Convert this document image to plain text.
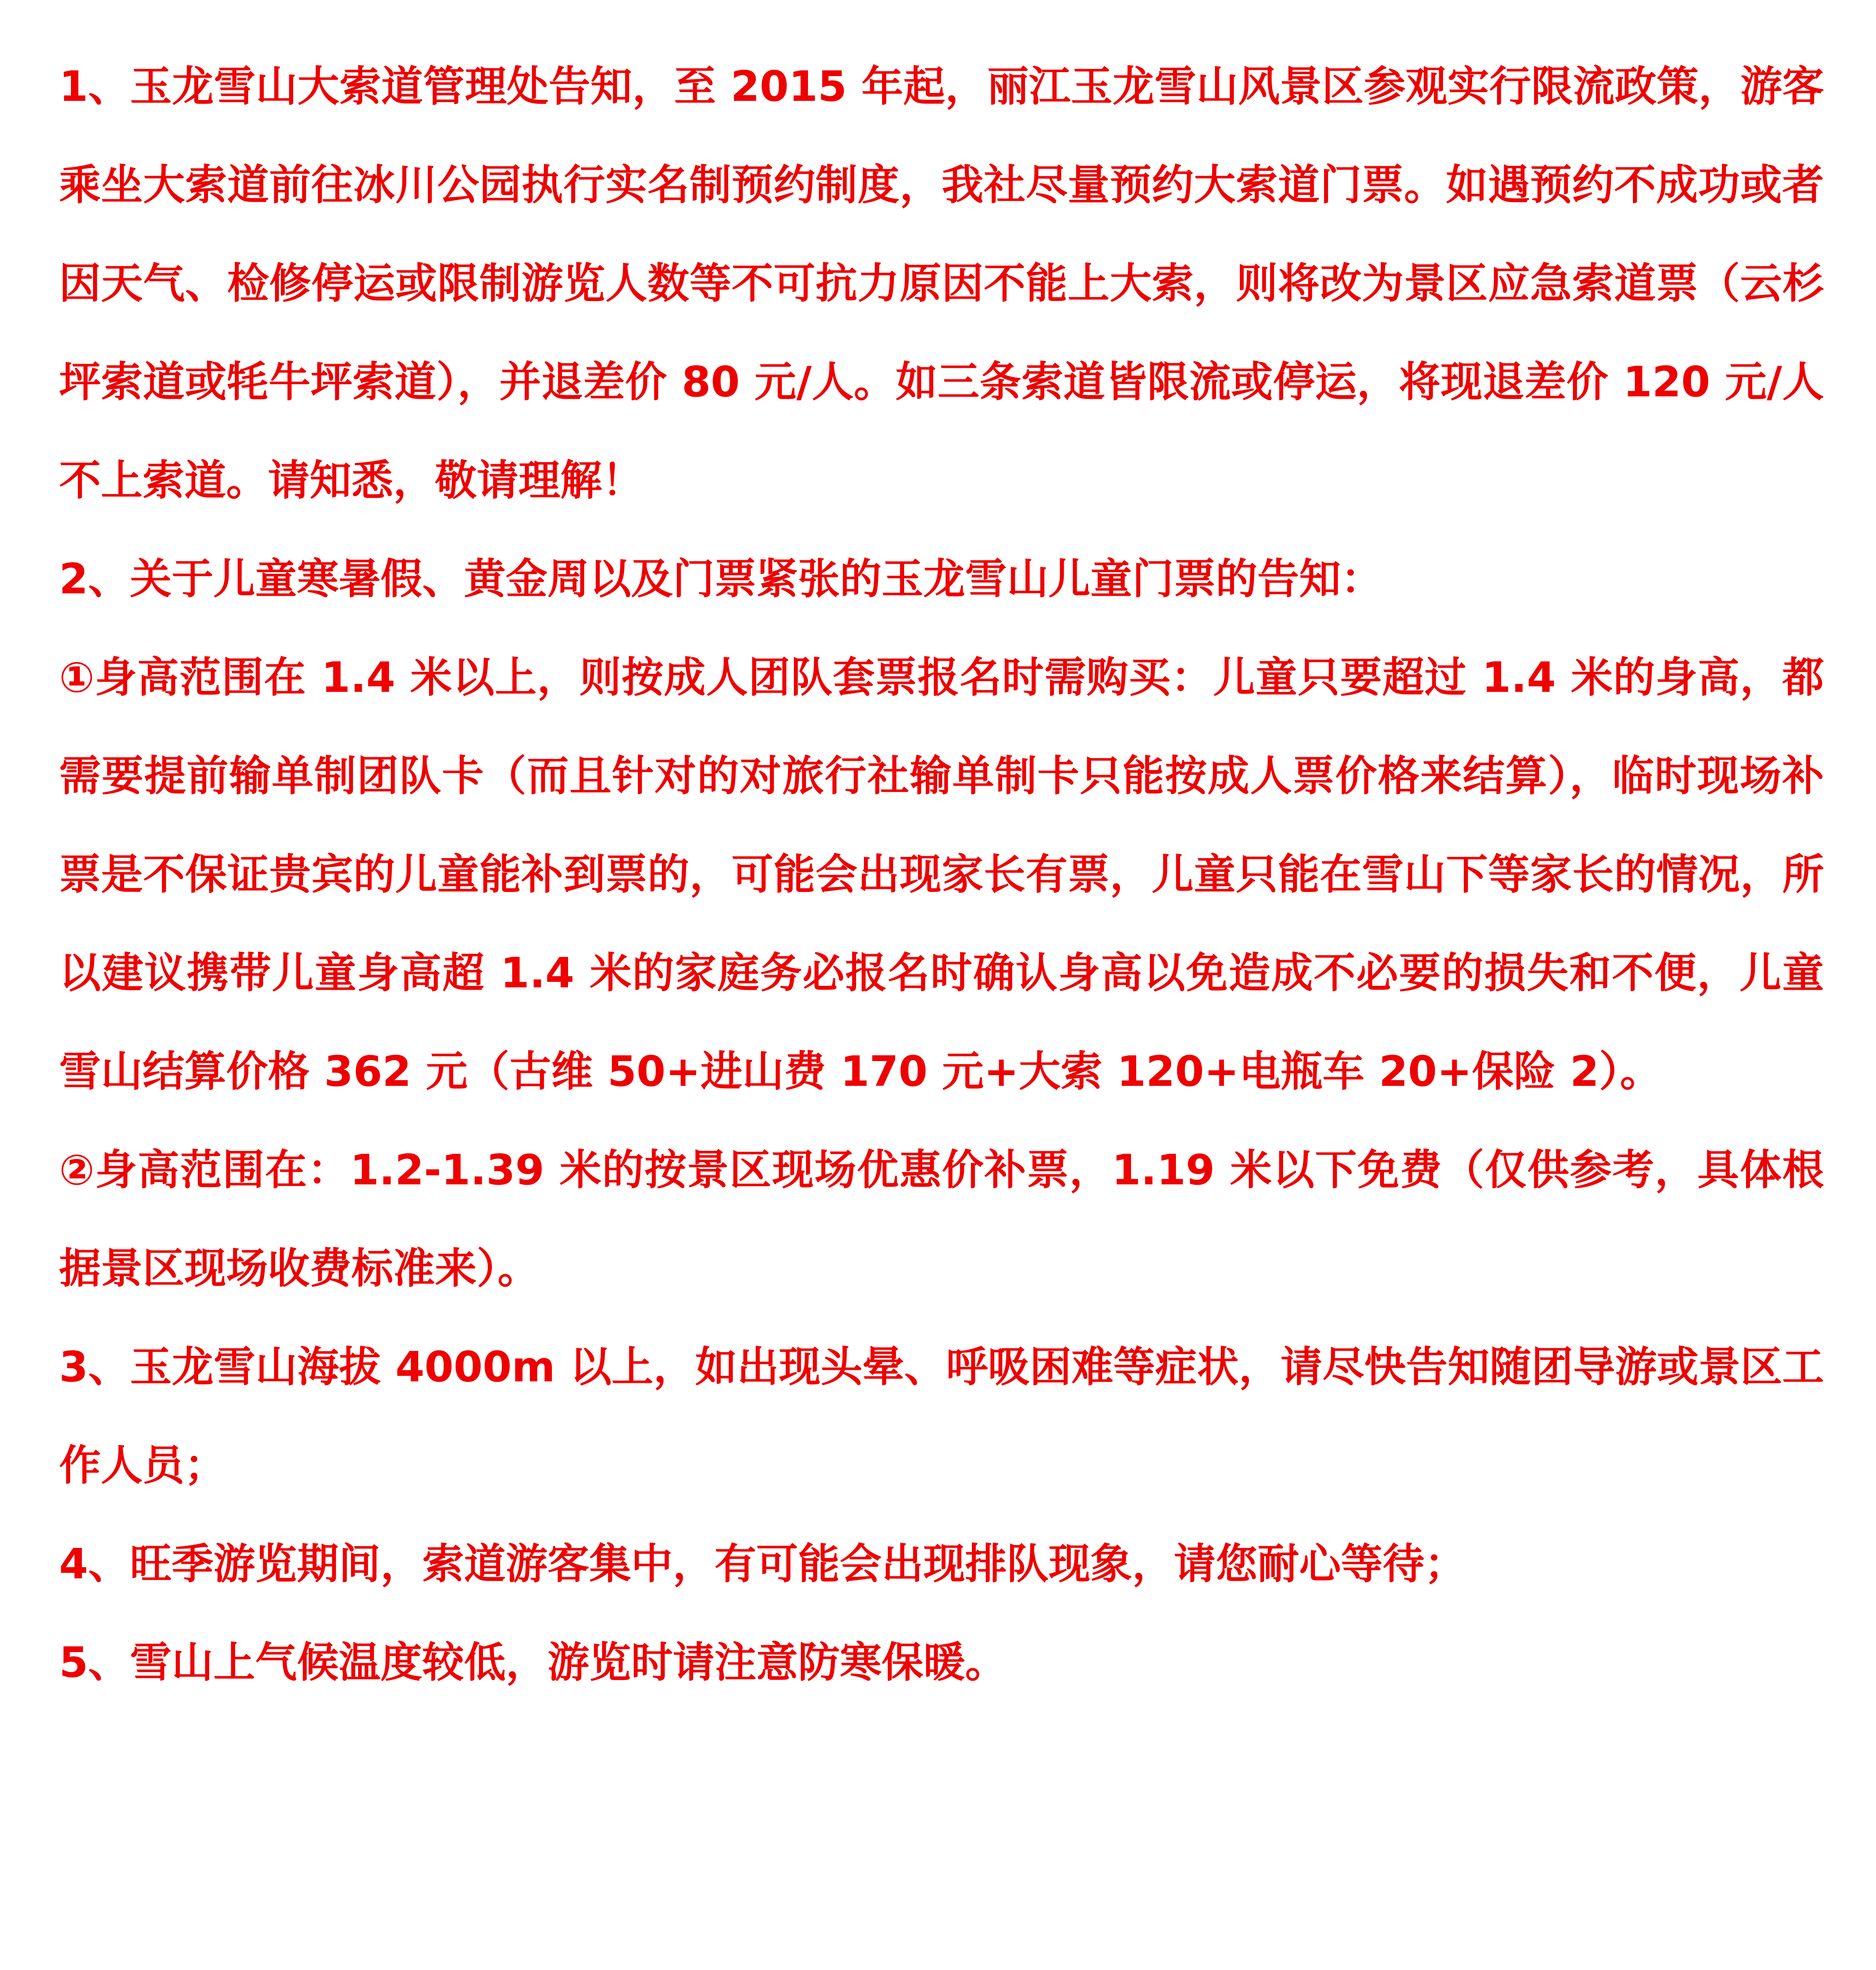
1、玉龙雪山大索道管理处告知，至 2015 年起，丽江玉龙雪山风景区参观实行限流政策，游客乘坐大索道前往冰川公园执行实名制预约制度，我社尽量预约大索道门票。如遇预约不成功或者因天气、检修停运或限制游览人数等不可抗力原因不能上大索，则将改为景区应急索道票（云杉坪索道或牦牛坪索道），并退差价 80 元/人。如三条索道皆限流或停运，将现退差价 120 元/人不上索道。请知悉，敬请理解！

2、关于儿童寒暑假、黄金周以及门票紧张的玉龙雪山儿童门票的告知：

①身高范围在 1.4 米以上，则按成人团队套票报名时需购买：儿童只要超过 1.4 米的身高，都需要提前输单制团队卡（而且针对的对旅行社输单制卡只能按成人票价格来结算），临时现场补票是不保证贵宾的儿童能补到票的，可能会出现家长有票，儿童只能在雪山下等家长的情况，所以建议携带儿童身高超 1.4 米的家庭务必报名时确认身高以免造成不必要的损失和不便，儿童雪山结算价格 362 元（古维 50+进山费 170 元+大索 120+电瓶车 20+保险 2）。

②身高范围在：1.2-1.39 米的按景区现场优惠价补票，1.19 米以下免费（仅供参考，具体根据景区现场收费标准来）。

3、玉龙雪山海拔 4000m 以上，如出现头晕、呼吸困难等症状，请尽快告知随团导游或景区工作人员；

4、旺季游览期间，索道游客集中，有可能会出现排队现象，请您耐心等待；

5、雪山上气候温度较低，游览时请注意防寒保暖。
